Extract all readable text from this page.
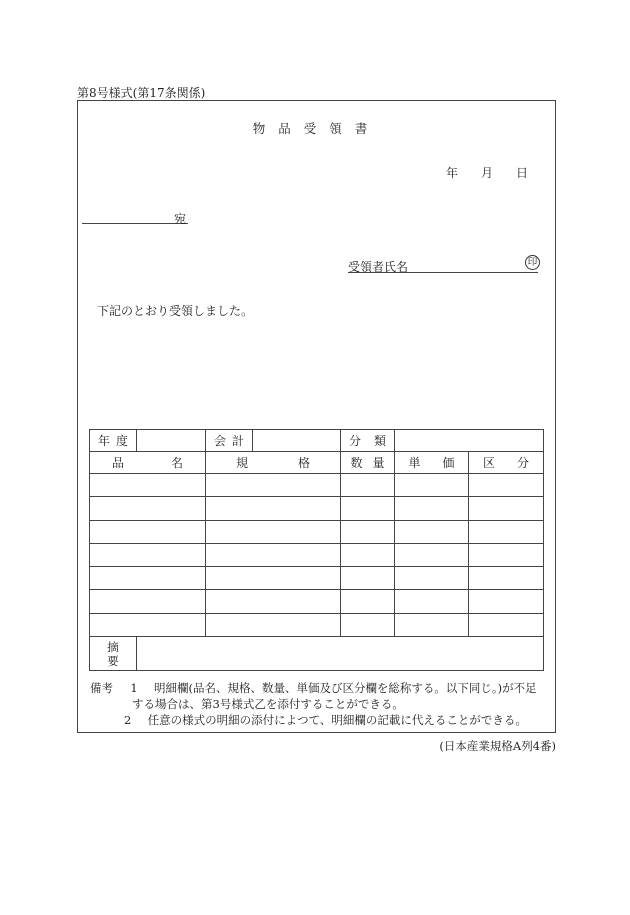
第8号様式(第17条関係)
物品受領書
年 月 日
宛
受領者氏名	印
下記のとおり受領しました。
年 度		会 計		分 類		

品 名		規 格		数 量	単 価	区 分

摘
要						

備考 1 明細欄(品名、規格、数量、単価及び区分欄を総称する。以下同じ。)が不足
する場合は、第3号様式乙を添付することができる。
2 任意の様式の明細の添付によつて、明細欄の記載に代えることができる。
(日本産業規格A列4番)
